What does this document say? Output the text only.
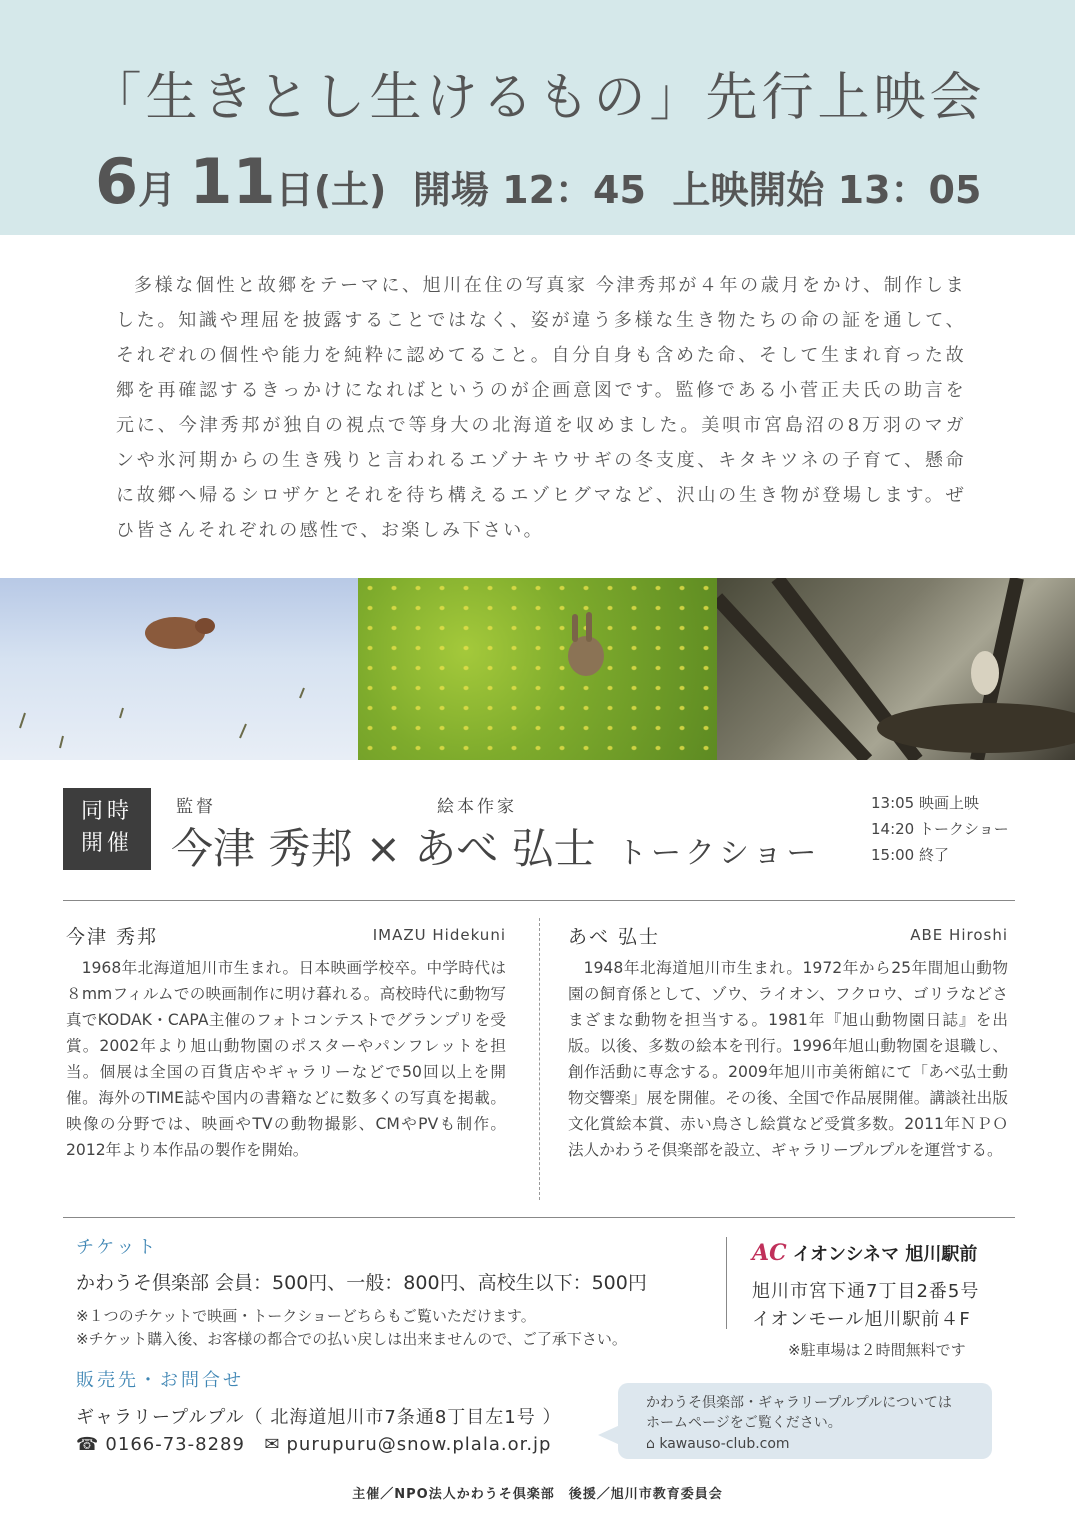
「生きとし生けるもの」先行上映会
6月 11日(土) 開場 12：45 上映開始 13：05
多様な個性と故郷をテーマに、旭川在住の写真家 今津秀邦が４年の歳月をかけ、制作しました。知識や理屈を披露することではなく、姿が違う多様な生き物たちの命の証を通して、それぞれの個性や能力を純粋に認めてること。自分自身も含めた命、そして生まれ育った故郷を再確認するきっかけになればというのが企画意図です。監修である小菅正夫氏の助言を元に、今津秀邦が独自の視点で等身大の北海道を収めました。美唄市宮島沼の8万羽のマガンや氷河期からの生き残りと言われるエゾナキウサギの冬支度、キタキツネの子育て、懸命に故郷へ帰るシロザケとそれを待ち構えるエゾヒグマなど、沢山の生き物が登場します。ぜひ皆さんそれぞれの感性で、お楽しみ下さい。
同時
開催
監督	絵本作家
今津 秀邦 × あべ 弘士 トークショー
13:05 映画上映
14:20 トークショー
15:00 終了
今津 秀邦	IMAZU Hidekuni
1968年北海道旭川市生まれ。日本映画学校卒。中学時代は８mmフィルムでの映画制作に明け暮れる。高校時代に動物写真でKODAK・CAPA主催のフォトコンテストでグランプリを受賞。2002年より旭山動物園のポスターやパンフレットを担当。個展は全国の百貨店やギャラリーなどで50回以上を開催。海外のTIME誌や国内の書籍などに数多くの写真を掲載。映像の分野では、映画やTVの動物撮影、CMやPVも制作。2012年より本作品の製作を開始。
あべ 弘士	ABE Hiroshi
1948年北海道旭川市生まれ。1972年から25年間旭山動物園の飼育係として、ゾウ、ライオン、フクロウ、ゴリラなどさまざまな動物を担当する。1981年『旭山動物園日誌』を出版。以後、多数の絵本を刊行。1996年旭山動物園を退職し、創作活動に専念する。2009年旭川市美術館にて「あべ弘士動物交響楽」展を開催。その後、全国で作品展開催。講談社出版文化賞絵本賞、赤い鳥さし絵賞など受賞多数。2011年ＮＰＯ法人かわうそ倶楽部を設立、ギャラリープルプルを運営する。
チケット
かわうそ倶楽部 会員：500円、一般：800円、高校生以下：500円
※１つのチケットで映画・トークショーどちらもご覧いただけます。
※チケット購入後、お客様の都合での払い戻しは出来ませんので、ご了承下さい。
販売先・お問合せ
ギャラリープルプル（ 北海道旭川市7条通8丁目左1号 ）
☎ 0166-73-8289 ✉ purupuru@snow.plala.or.jp
AC イオンシネマ 旭川駅前
旭川市宮下通7丁目2番5号
イオンモール旭川駅前４F
※駐車場は２時間無料です
かわうそ倶楽部・ギャラリープルプルについては
ホームページをご覧ください。
⌂ kawauso-club.com
主催／NPO法人かわうそ倶楽部　後援／旭川市教育委員会
